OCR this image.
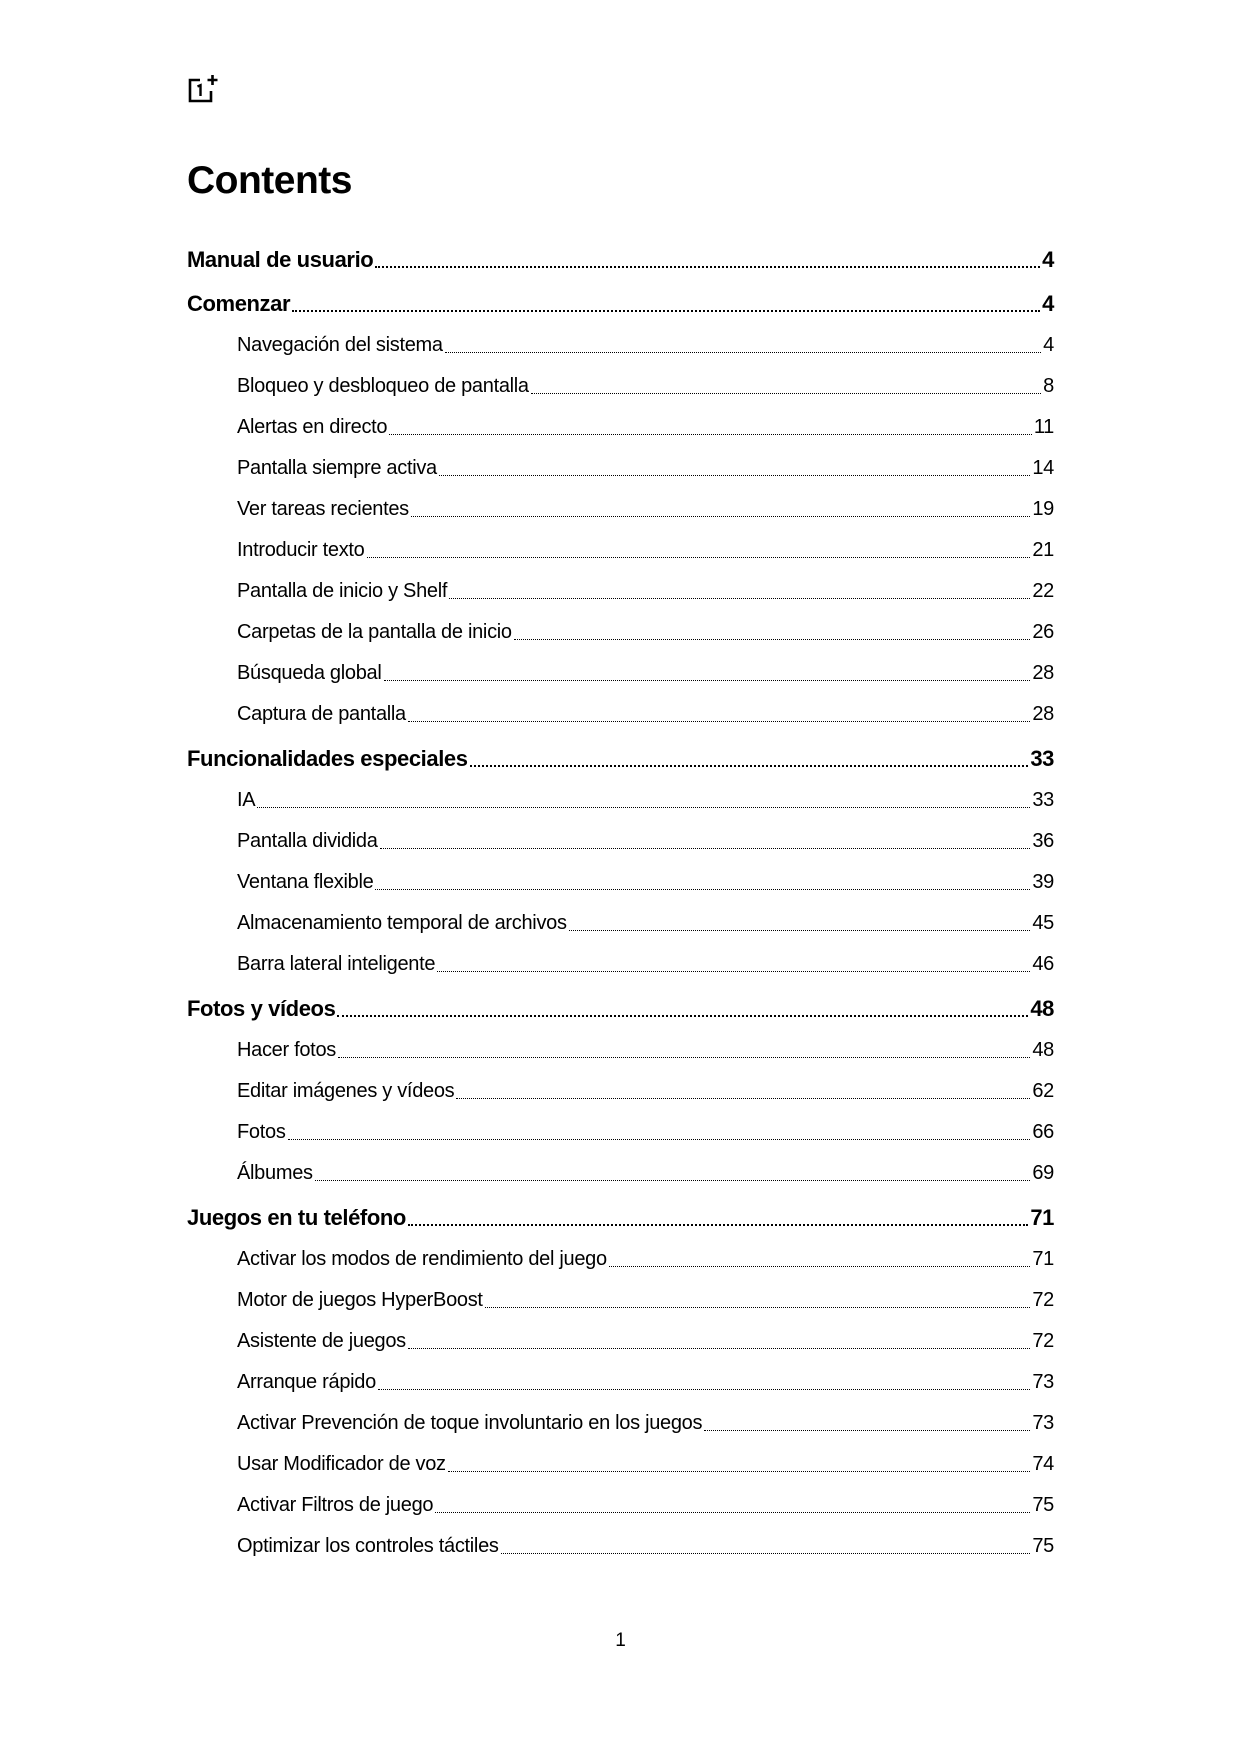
Contents
Manual de usuario	4
Comenzar	4
Navegación del sistema	4
Bloqueo y desbloqueo de pantalla	8
Alertas en directo	11
Pantalla siempre activa	14
Ver tareas recientes	19
Introducir texto	21
Pantalla de inicio y Shelf	22
Carpetas de la pantalla de inicio	26
Búsqueda global	28
Captura de pantalla	28
Funcionalidades especiales	33
IA	33
Pantalla dividida	36
Ventana flexible	39
Almacenamiento temporal de archivos	45
Barra lateral inteligente	46
Fotos y vídeos	48
Hacer fotos	48
Editar imágenes y vídeos	62
Fotos	66
Álbumes	69
Juegos en tu teléfono	71
Activar los modos de rendimiento del juego	71
Motor de juegos HyperBoost	72
Asistente de juegos	72
Arranque rápido	73
Activar Prevención de toque involuntario en los juegos	73
Usar Modificador de voz	74
Activar Filtros de juego	75
Optimizar los controles táctiles	75
1
